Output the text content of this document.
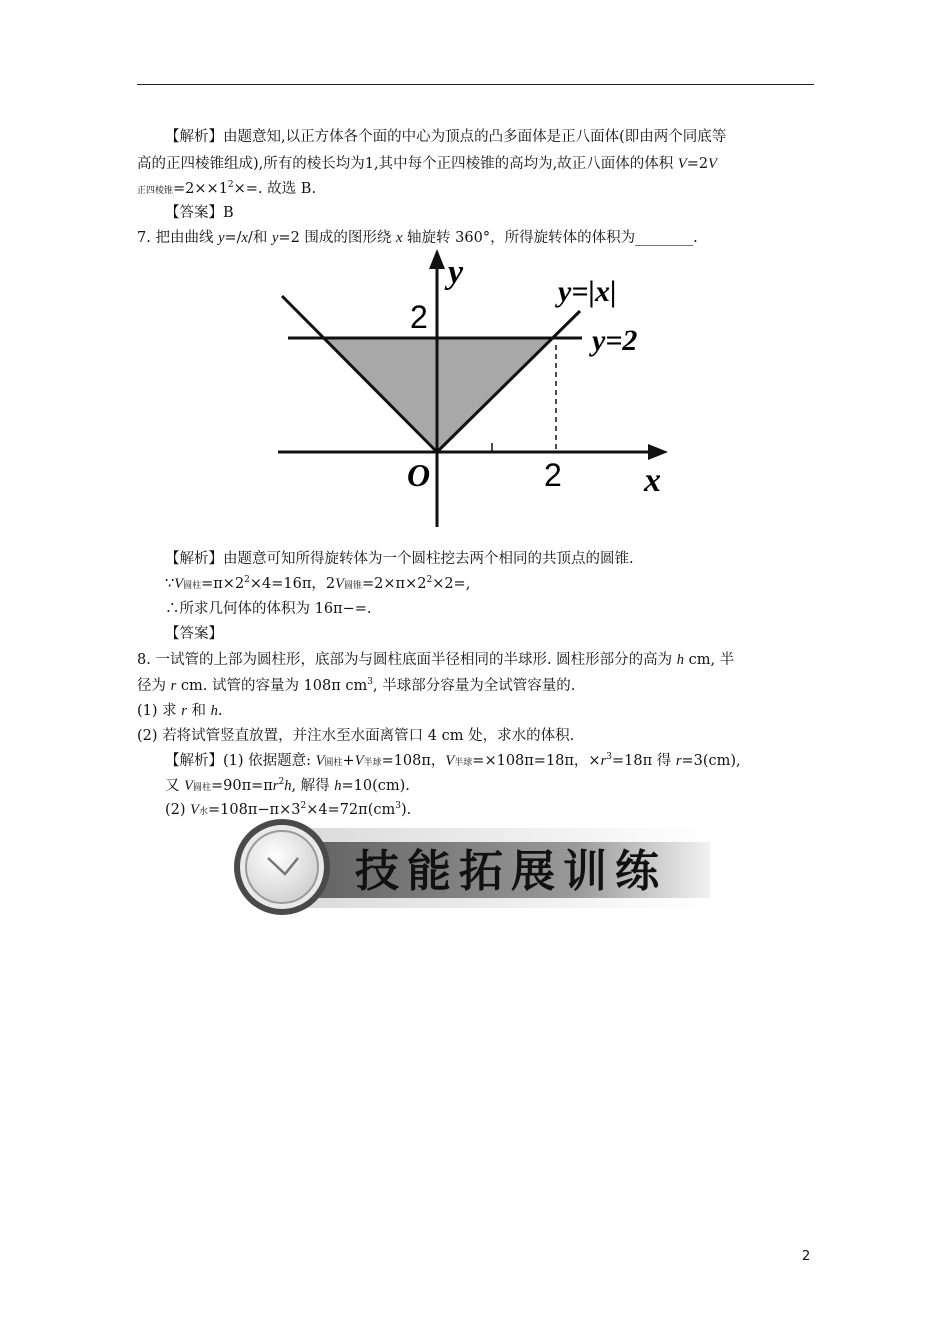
【解析】由题意知,以正方体各个面的中心为顶点的凸多面体是正八面体(即由两个同底等
高的正四棱锥组成),所有的棱长均为1,其中每个正四棱锥的高均为,故正八面体的体积 V=2V
正四棱锥$=2\times\times 1^2\times=$. 故选 B.
【答案】B
7. 把由曲线 y=/x/和 y=2 围成的图形绕 x 轴旋转 360°，所得旋转体的体积为________.
y
2
y=|x|
y=2
O	2 x
【解析】由题意可知所得旋转体为一个圆柱挖去两个相同的共顶点的圆锥.
∵V圆柱$=\pi\times 2^2\times 4=16\pi$，2V圆锥$=2\times\pi\times 2^2\times 2=$,
∴所求几何体的体积为 16π−=.
【答案】
8. 一试管的上部为圆柱形，底部为与圆柱底面半径相同的半球形. 圆柱形部分的高为 h cm, 半
径为 r cm. 试管的容量为 108π $cm^3$, 半球部分容量为全试管容量的.
(1) 求 r 和 h.
(2) 若将试管竖直放置，并注水至水面离管口 4 cm 处，求水的体积.
【解析】(1) 依据题意: V圆柱+V半球=108π，V半球=×108π=18π，$\times r^3=18\pi$ 得 r=3(cm),
又 V圆柱$=90\pi=\pi r^2h$, 解得 h=10(cm).
(2) V水$=108\pi-\pi\times 3^2\times 4=72\pi(cm^3)$.
技能拓展训练
2
